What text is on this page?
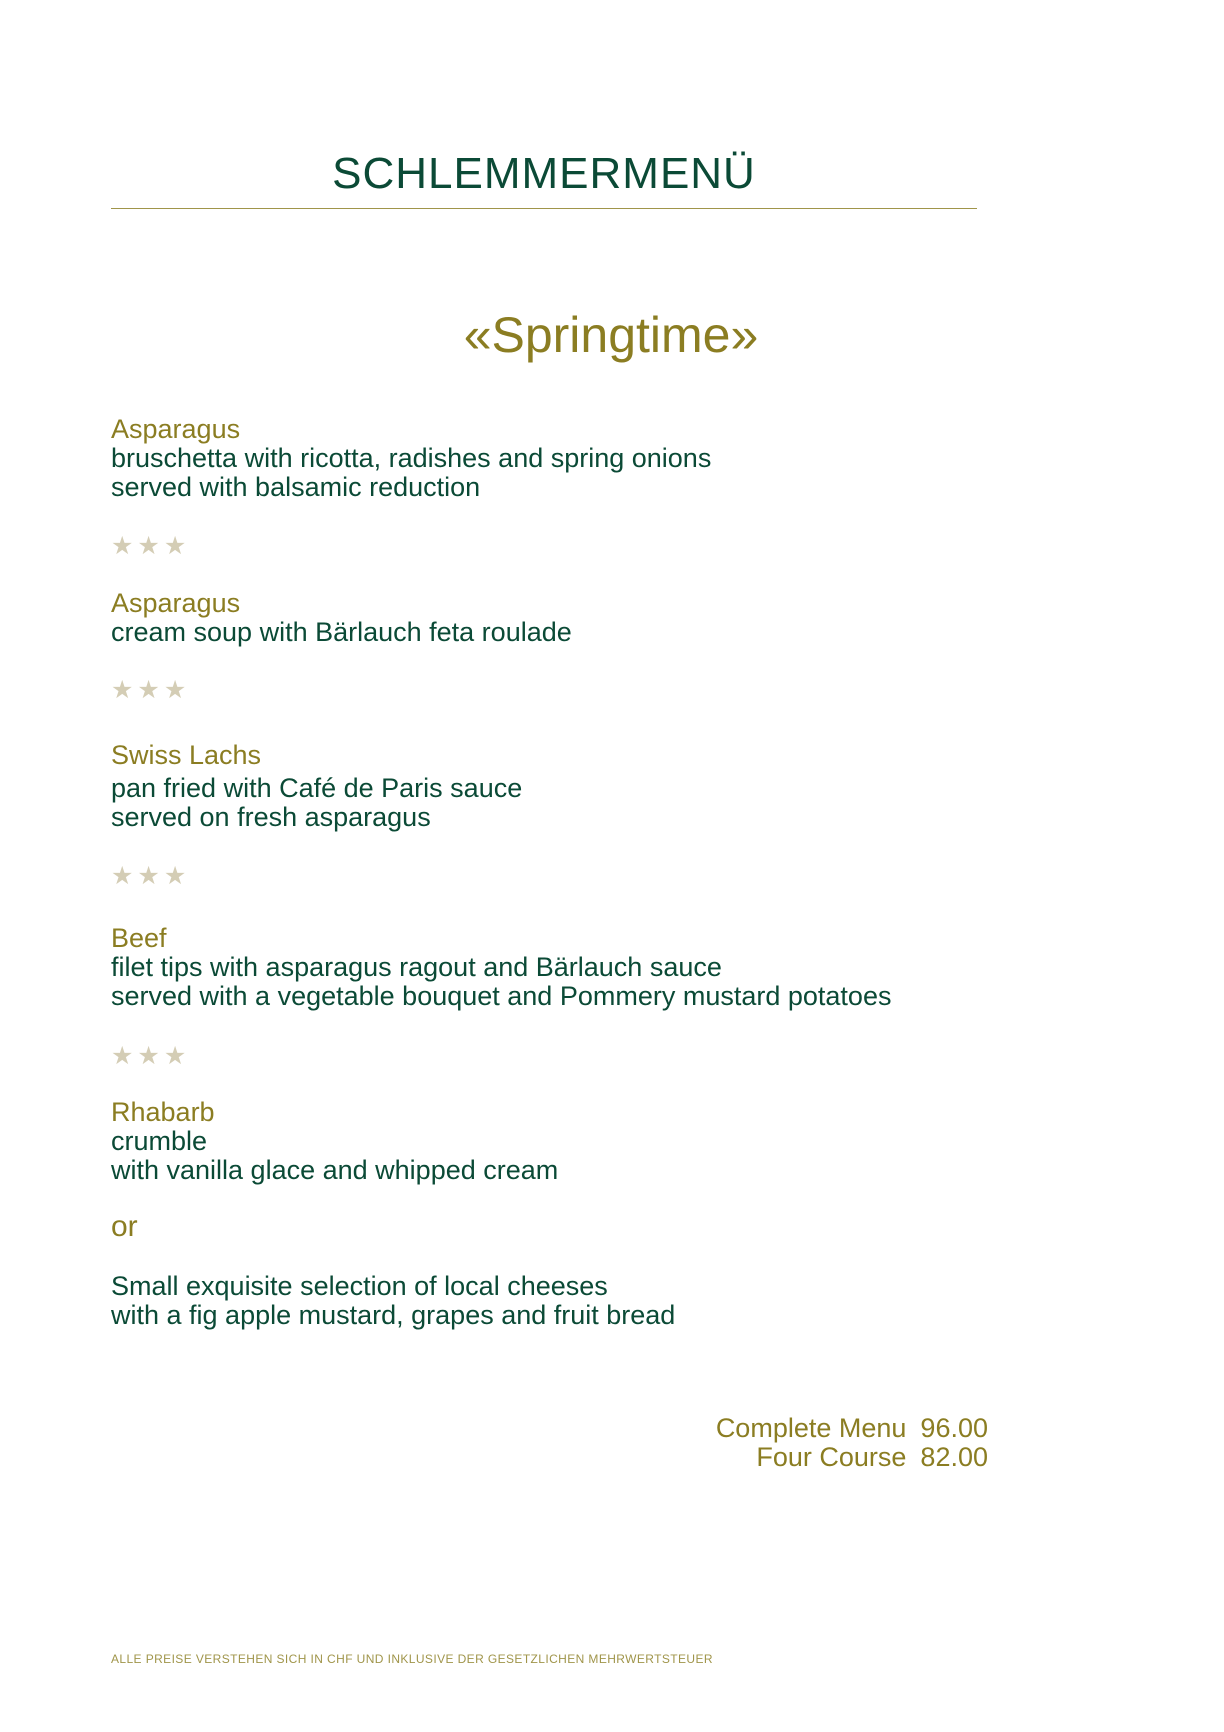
SCHLEMMERMENÜ
«Springtime»
Asparagus
bruschetta with ricotta, radishes and spring onions
served with balsamic reduction
★★★
Asparagus
cream soup with Bärlauch feta roulade
★★★
Swiss Lachs
pan fried with Café de Paris sauce
served on fresh asparagus
★★★
Beef
filet tips with asparagus ragout and Bärlauch sauce
served with a vegetable bouquet and Pommery mustard potatoes
★★★
Rhabarb
crumble
with vanilla glace and whipped cream
or
Small exquisite selection of local cheeses
with a fig apple mustard, grapes and fruit bread
Complete Menu 96.00
Four Course 82.00
ALLE PREISE VERSTEHEN SICH IN CHF UND INKLUSIVE DER GESETZLICHEN MEHRWERTSTEUER
